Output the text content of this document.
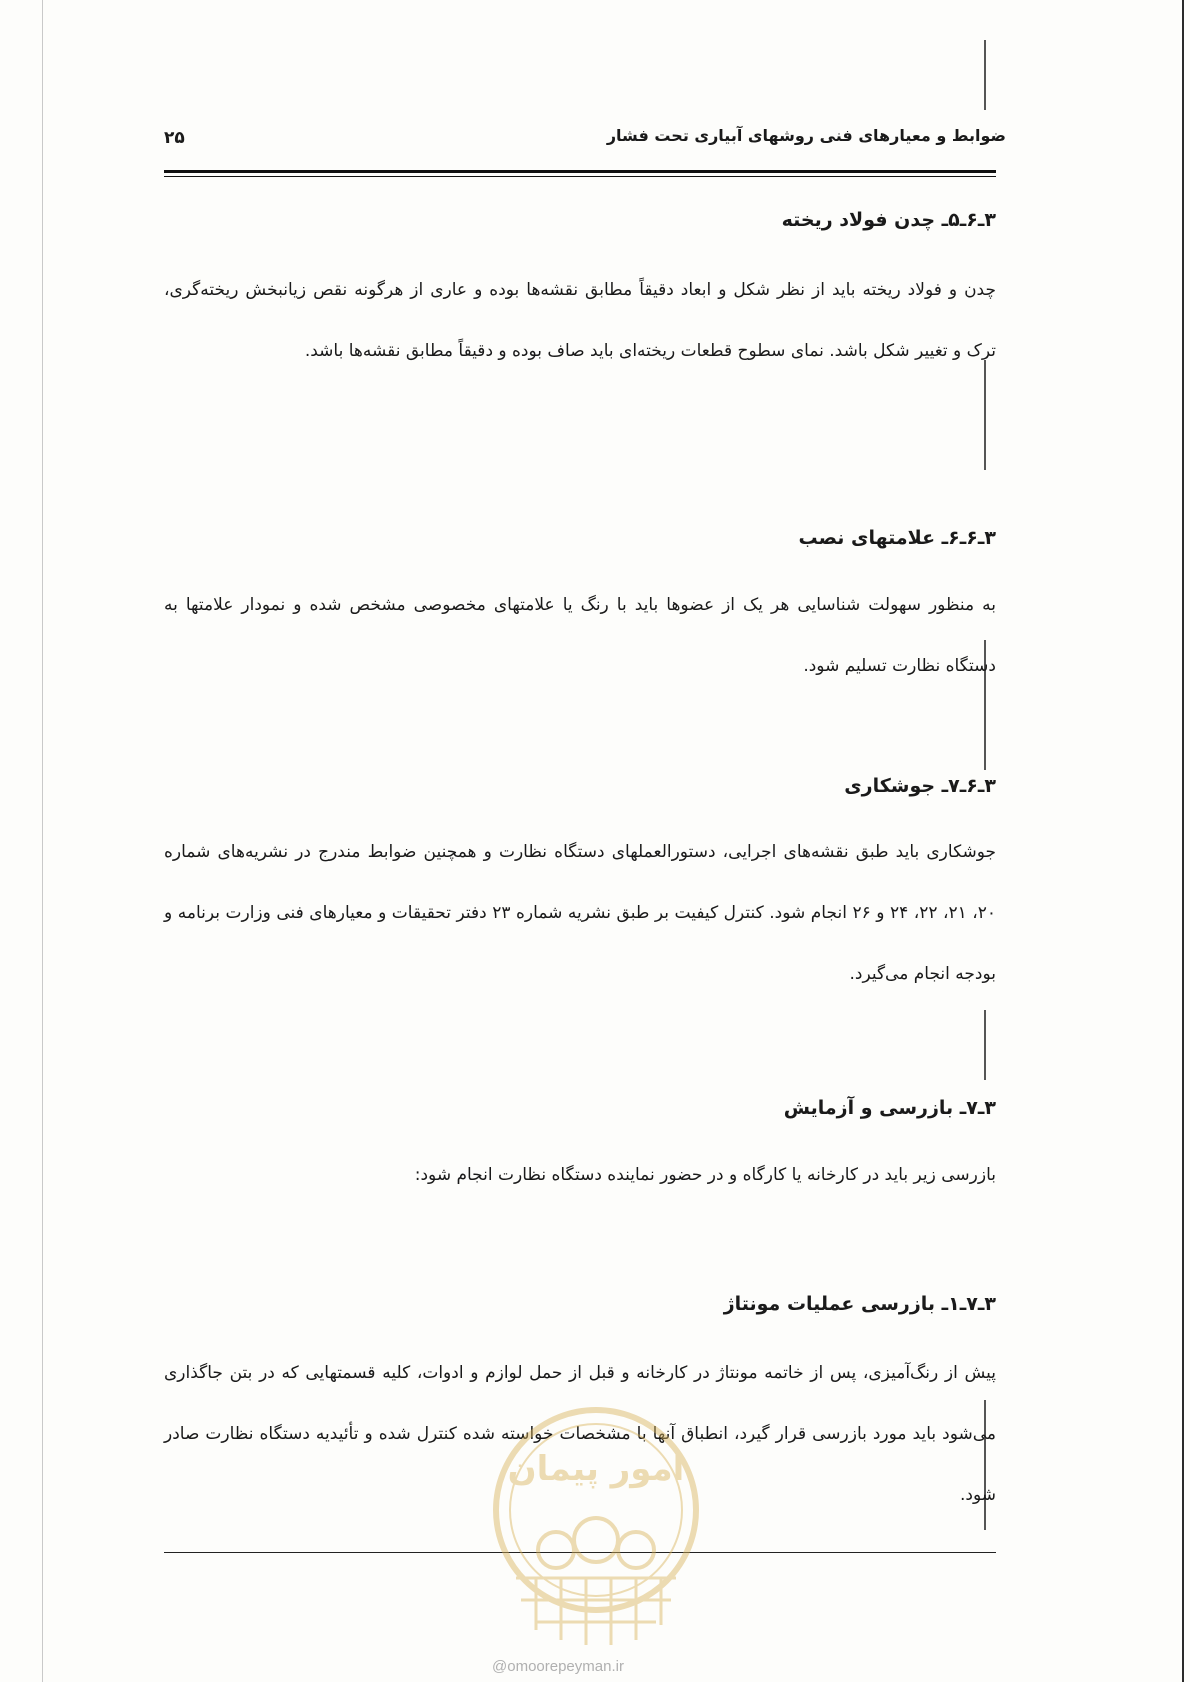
۲۵	ضوابط و معیارهای فنی روشهای آبیاری تحت فشار
۳ـ۶ـ۵ـ چدن فولاد ریخته
چدن و فولاد ریخته باید از نظر شکل و ابعاد دقیقاً مطابق نقشه‌ها بوده و عاری از هرگونه نقص زیانبخش ریخته‌گری، ترک و تغییر شکل باشد. نمای سطوح قطعات ریخته‌ای باید صاف بوده و دقیقاً مطابق نقشه‌ها باشد.
۳ـ۶ـ۶ـ علامتهای نصب
به منظور سهولت شناسایی هر یک از عضوها باید با رنگ یا علامتهای مخصوصی مشخص شده و نمودار علامتها به دستگاه نظارت تسلیم شود.
۳ـ۶ـ۷ـ جوشکاری
جوشکاری باید طبق نقشه‌های اجرایی، دستورالعملهای دستگاه نظارت و همچنین ضوابط مندرج در نشریه‌های شماره ۲۰، ۲۱، ۲۲، ۲۴ و ۲۶ انجام شود. کنترل کیفیت بر طبق نشریه شماره ۲۳ دفتر تحقیقات و معیارهای فنی وزارت برنامه و بودجه انجام می‌گیرد.
۳ـ۷ـ بازرسی و آزمایش
بازرسی زیر باید در کارخانه یا کارگاه و در حضور نماینده دستگاه نظارت انجام شود:
۳ـ۷ـ۱ـ بازرسی عملیات مونتاژ
پیش از رنگ‌آمیزی، پس از خاتمه مونتاژ در کارخانه و قبل از حمل لوازم و ادوات، کلیه قسمتهایی که در بتن جاگذاری می‌شود باید مورد بازرسی قرار گیرد، انطباق آنها با مشخصات خواسته شده کنترل شده و تأئیدیه دستگاه نظارت صادر شود.
امور پیمان
@omoorepeyman.ir
